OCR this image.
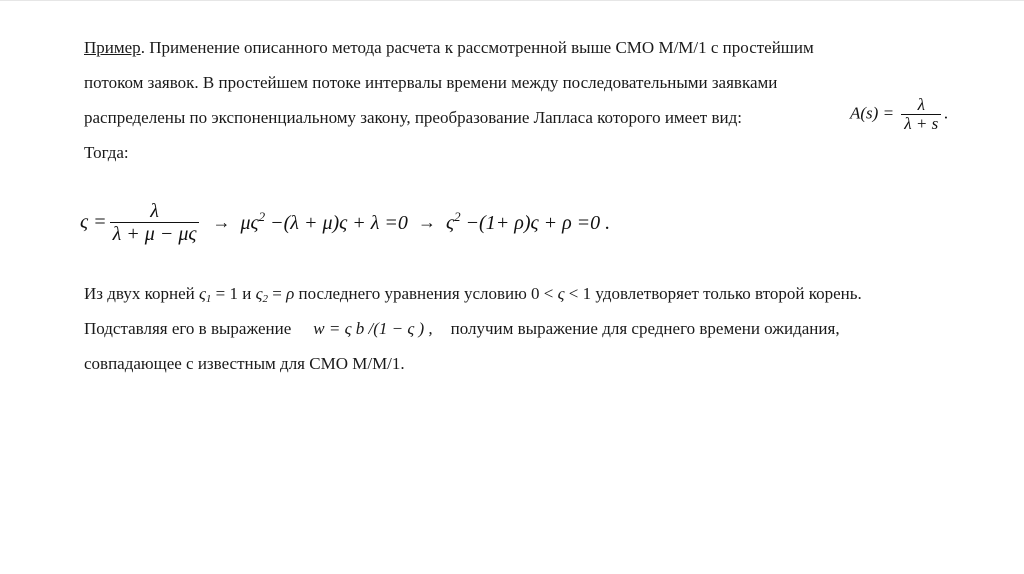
Пример. Применение описанного метода расчета к рассмотренной выше СМО М/М/1 с простейшим
потоком заявок. В простейшем потоке интервалы времени между последовательными заявками
распределены по экспоненциальному закону, преобразование Лапласа которого имеет вид:
Тогда:
$A(s) = \frac{\lambda}{\lambda + s}$ .
$\varsigma = \frac{\lambda}{\lambda + \mu - \mu\varsigma} \to \mu\varsigma^2 -(\lambda + \mu)\varsigma + \lambda =0 \to \varsigma^2 -(1+ \rho)\varsigma + \rho =0$ .
Из двух корней $\varsigma_1 = 1$ и $\varsigma_2 = \rho$ последнего уравнения условию 0 < ς < 1 удовлетворяет только второй корень.
Подставляя его в выражение w = ς b /(1 − ς ) , получим выражение для среднего времени ожидания,
совпадающее с известным для СМО М/М/1.
